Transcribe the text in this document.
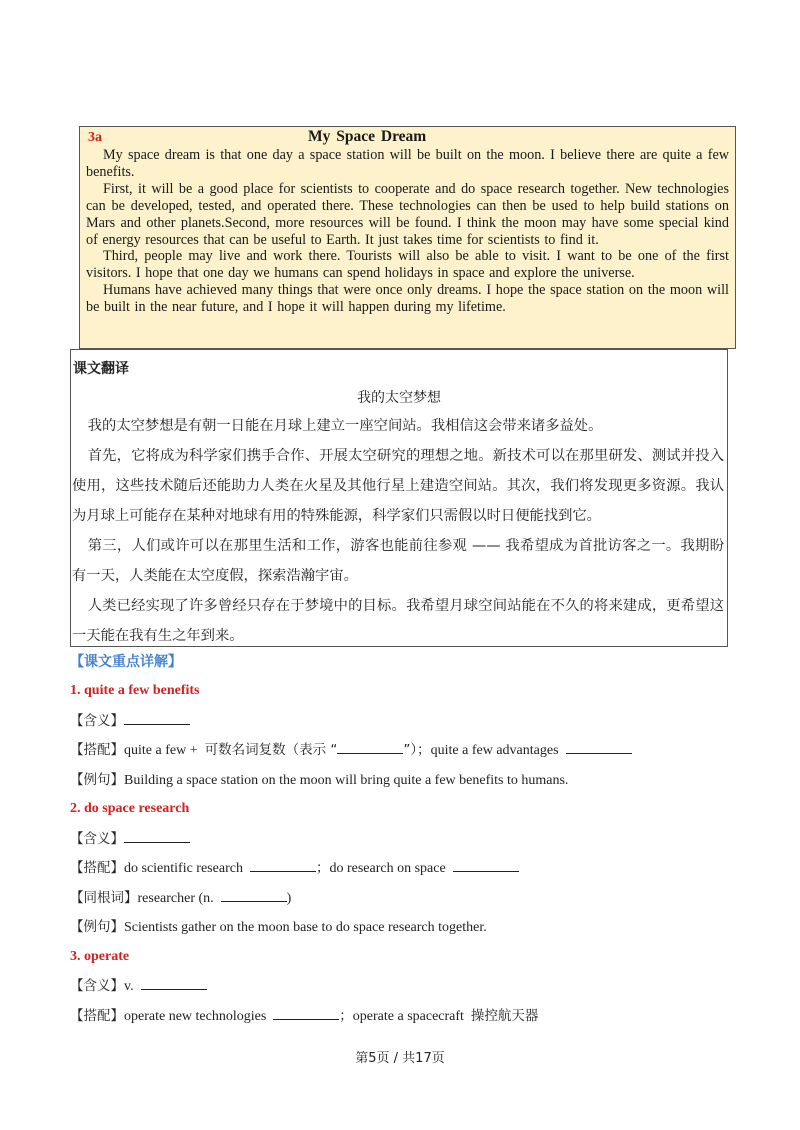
3a	My Space Dream

My space dream is that one day a space station will be built on the moon. I believe there are quite a few benefits.

First, it will be a good place for scientists to cooperate and do space research together. New technologies can be developed, tested, and operated there. These technologies can then be used to help build stations on Mars and other planets.Second, more resources will be found. I think the moon may have some special kind of energy resources that can be useful to Earth. It just takes time for scientists to find it.

Third, people may live and work there. Tourists will also be able to visit. I want to be one of the first visitors. I hope that one day we humans can spend holidays in space and explore the universe.

Humans have achieved many things that were once only dreams. I hope the space station on the moon will be built in the near future, and I hope it will happen during my lifetime.

课文翻译
我的太空梦想

我的太空梦想是有朝一日能在月球上建立一座空间站。我相信这会带来诸多益处。

首先，它将成为科学家们携手合作、开展太空研究的理想之地。新技术可以在那里研发、测试并投入使用，这些技术随后还能助力人类在火星及其他行星上建造空间站。其次，我们将发现更多资源。我认为月球上可能存在某种对地球有用的特殊能源，科学家们只需假以时日便能找到它。

第三，人们或许可以在那里生活和工作，游客也能前往参观 —— 我希望成为首批访客之一。我期盼有一天，人类能在太空度假，探索浩瀚宇宙。

人类已经实现了许多曾经只存在于梦境中的目标。我希望月球空间站能在不久的将来建成，更希望这一天能在我有生之年到来。

【课文重点详解】
1. quite a few benefits
【含义】
【搭配】quite a few + 可数名词复数（表示 “	”）；quite a few advantages
【例句】Building a space station on the moon will bring quite a few benefits to humans.
2. do space research
【含义】
【搭配】do scientific research	；do research on space
【同根词】researcher (n.	)
【例句】Scientists gather on the moon base to do space research together.
3. operate
【含义】v.
【搭配】operate new technologies	；operate a spacecraft 操控航天器
第5页 / 共17页
